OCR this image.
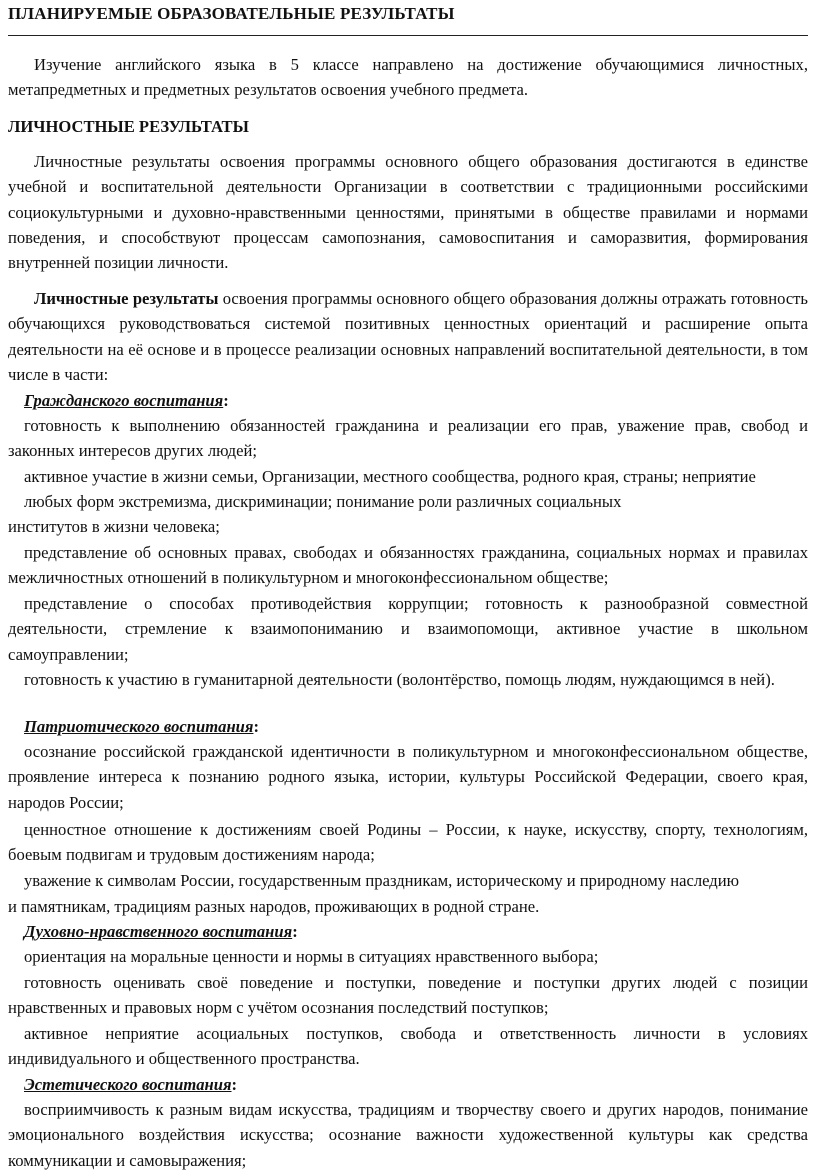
ПЛАНИРУЕМЫЕ ОБРАЗОВАТЕЛЬНЫЕ РЕЗУЛЬТАТЫ
Изучение английского языка в 5 классе направлено на достижение обучающимися личностных, метапредметных и предметных результатов освоения учебного предмета.
ЛИЧНОСТНЫЕ РЕЗУЛЬТАТЫ
Личностные результаты освоения программы основного общего образования достигаются в единстве учебной и воспитательной деятельности Организации в соответствии с традиционными российскими социокультурными и духовно-нравственными ценностями, принятыми в обществе правилами и нормами поведения, и способствуют процессам самопознания, самовоспитания и саморазвития, формирования внутренней позиции личности.
Личностные результаты освоения программы основного общего образования должны отражать готовность обучающихся руководствоваться системой позитивных ценностных ориентаций и расширение опыта деятельности на её основе и в процессе реализации основных направлений воспитательной деятельности, в том числе в части:
Гражданского воспитания:
готовность к выполнению обязанностей гражданина и реализации его прав, уважение прав, свобод и законных интересов других людей;
активное участие в жизни семьи, Организации, местного сообщества, родного края, страны; неприятие
любых форм экстремизма, дискриминации; понимание роли различных социальных
институтов в жизни человека;
представление об основных правах, свободах и обязанностях гражданина, социальных нормах и правилах межличностных отношений в поликультурном и многоконфессиональном обществе;
представление о способах противодействия коррупции; готовность к разнообразной совместной деятельности, стремление к взаимопониманию и взаимопомощи, активное участие в школьном самоуправлении;
готовность к участию в гуманитарной деятельности (волонтёрство, помощь людям, нуждающимся в ней).
Патриотического воспитания:
осознание российской гражданской идентичности в поликультурном и многоконфессиональном обществе, проявление интереса к познанию родного языка, истории, культуры Российской Федерации, своего края, народов России;
ценностное отношение к достижениям своей Родины – России, к науке, искусству, спорту, технологиям, боевым подвигам и трудовым достижениям народа;
уважение к символам России, государственным праздникам, историческому и природному наследию
и памятникам, традициям разных народов, проживающих в родной стране.
Духовно-нравственного воспитания:
ориентация на моральные ценности и нормы в ситуациях нравственного выбора;
готовность оценивать своё поведение и поступки, поведение и поступки других людей с позиции нравственных и правовых норм с учётом осознания последствий поступков;
активное неприятие асоциальных поступков, свобода и ответственность личности в условиях индивидуального и общественного пространства.
Эстетического воспитания:
восприимчивость к разным видам искусства, традициям и творчеству своего и других народов, понимание эмоционального воздействия искусства; осознание важности художественной культуры как средства коммуникации и самовыражения;
